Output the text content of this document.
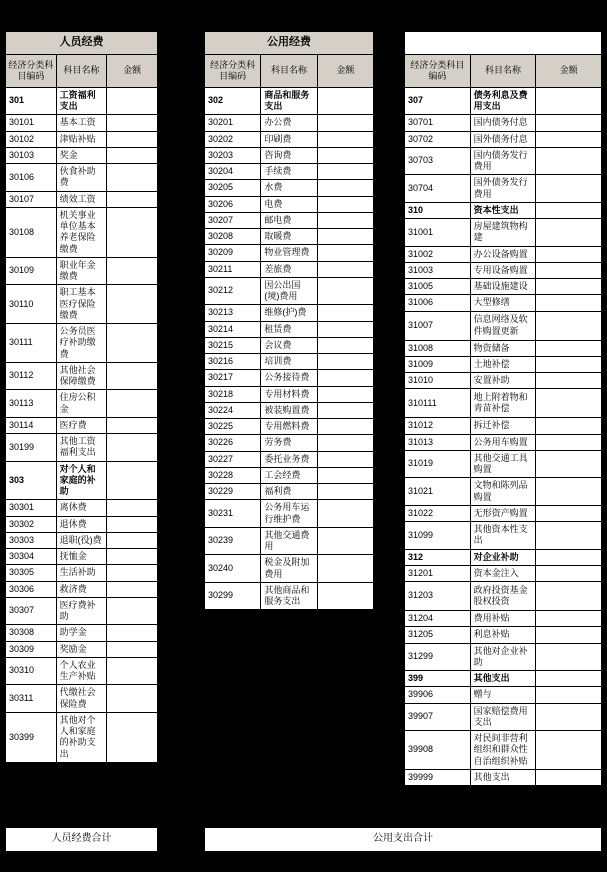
人员经费		
经济分类科目编码	科目名称	金额
301	工资福利支出	
30101	基本工资	
30102	津贴补贴	
30103	奖金	
30106	伙食补助费	
30107	绩效工资	
30108	机关事业单位基本养老保险缴费	
30109	职业年金缴费	
30110	职工基本医疗保险缴费	
30111	公务员医疗补助缴费	
30112	其他社会保障缴费	
30113	住房公积金	
30114	医疗费	
30199	其他工资福利支出	
303	对个人和家庭的补助	
30301	离休费	
30302	退休费	
30303	退职(役)费	
30304	抚恤金	
30305	生活补助	
30306	救济费	
30307	医疗费补助	
30308	助学金	
30309	奖励金	
30310	个人农业生产补贴	
30311	代缴社会保险费	
30399	其他对个人和家庭的补助支出	
公用经费		
经济分类科目编码	科目名称	金额
302	商品和服务支出	
30201	办公费	
30202	印刷费	
30203	咨询费	
30204	手续费	
30205	水费	
30206	电费	
30207	邮电费	
30208	取暖费	
30209	物业管理费	
30211	差旅费	
30212	因公出国(境)费用	
30213	维修(护)费	
30214	租赁费	
30215	会议费	
30216	培训费	
30217	公务接待费	
30218	专用材料费	
30224	被装购置费	
30225	专用燃料费	
30226	劳务费	
30227	委托业务费	
30228	工会经费	
30229	福利费	
30231	公务用车运行维护费	
30239	其他交通费用	
30240	税金及附加费用	
30299	其他商品和服务支出	

经济分类科目编码	科目名称	金额
307	债务利息及费用支出	
30701	国内债务付息	
30702	国外债务付息	
30703	国内债务发行费用	
30704	国外债务发行费用	
310	资本性支出	
31001	房屋建筑物构建	
31002	办公设备购置	
31003	专用设备购置	
31005	基础设施建设	
31006	大型修缮	
31007	信息网络及软件购置更新	
31008	物资储备	
31009	土地补偿	
31010	安置补助	
310111	地上附着物和青苗补偿	
31012	拆迁补偿	
31013	公务用车购置	
31019	其他交通工具购置	
31021	文物和陈列品购置	
31022	无形资产购置	
31099	其他资本性支出	
312	对企业补助	
31201	资本金注入	
31203	政府投资基金股权投资	
31204	费用补贴	
31205	利息补贴	
31299	其他对企业补助	
399	其他支出	
39906	赠与	
39907	国家赔偿费用支出	
39908	对民间非营利组织和群众性自治组织补贴	
39999	其他支出	
人员经费合计	公用支出合计
